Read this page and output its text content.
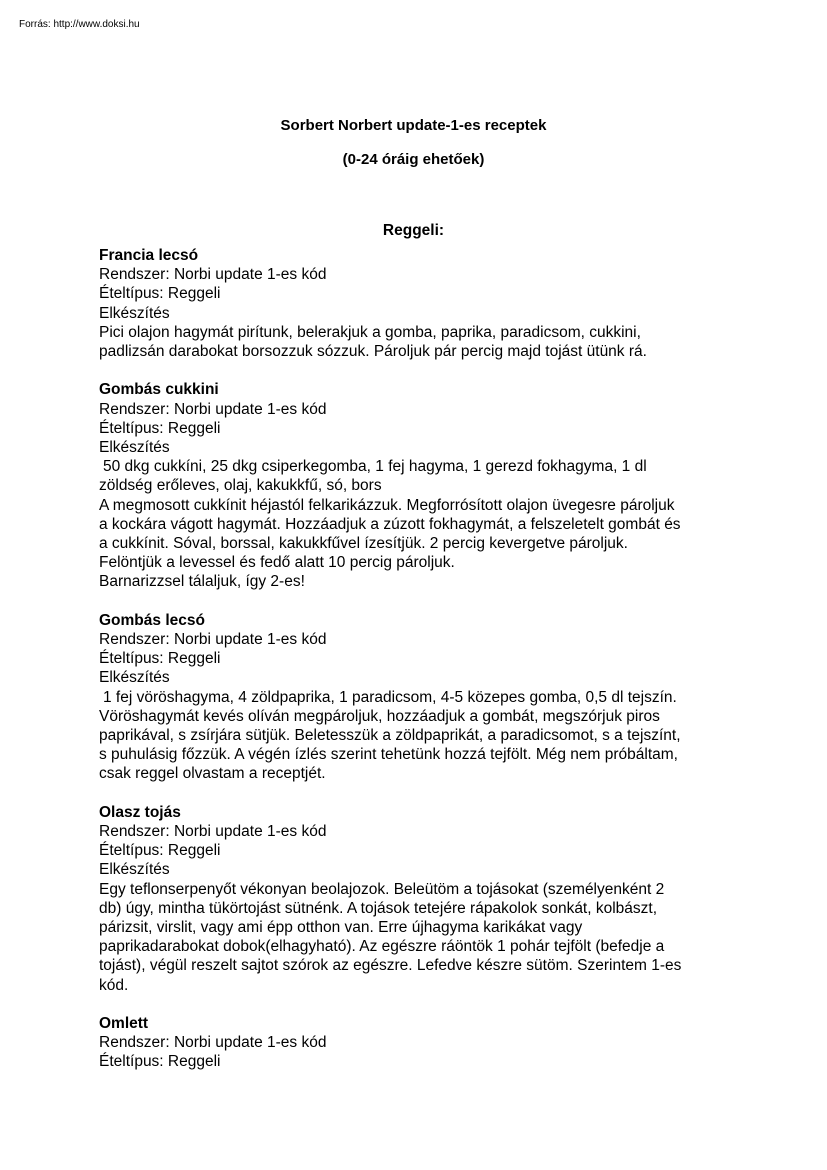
Forrás: http://www.doksi.hu
Sorbert Norbert update-1-es receptek
(0-24 óráig ehetőek)
Reggeli:
Francia lecsó
Rendszer: Norbi update 1-es kód
Ételtípus: Reggeli
Elkészítés
Pici olajon hagymát pirítunk, belerakjuk a gomba, paprika, paradicsom, cukkini,
padlizsán darabokat borsozzuk sózzuk. Pároljuk pár percig majd tojást ütünk rá.
Gombás cukkini
Rendszer: Norbi update 1-es kód
Ételtípus: Reggeli
Elkészítés
50 dkg cukkíni, 25 dkg csiperkegomba, 1 fej hagyma, 1 gerezd fokhagyma, 1 dl
zöldség erőleves, olaj, kakukkfű, só, bors
A megmosott cukkínit héjastól felkarikázzuk. Megforrósított olajon üvegesre pároljuk
a kockára vágott hagymát. Hozzáadjuk a zúzott fokhagymát, a felszeletelt gombát és
a cukkínit. Sóval, borssal, kakukkfűvel ízesítjük. 2 percig kevergetve pároljuk.
Felöntjük a levessel és fedő alatt 10 percig pároljuk.
Barnarizzsel tálaljuk, így 2-es!
Gombás lecsó
Rendszer: Norbi update 1-es kód
Ételtípus: Reggeli
Elkészítés
1 fej vöröshagyma, 4 zöldpaprika, 1 paradicsom, 4-5 közepes gomba, 0,5 dl tejszín.
Vöröshagymát kevés olíván megpároljuk, hozzáadjuk a gombát, megszórjuk piros
paprikával, s zsírjára sütjük. Beletesszük a zöldpaprikát, a paradicsomot, s a tejszínt,
s puhulásig főzzük. A végén ízlés szerint tehetünk hozzá tejfölt. Még nem próbáltam,
csak reggel olvastam a receptjét.
Olasz tojás
Rendszer: Norbi update 1-es kód
Ételtípus: Reggeli
Elkészítés
Egy teflonserpenyőt vékonyan beolajozok. Beleütöm a tojásokat (személyenként 2
db) úgy, mintha tükörtojást sütnénk. A tojások tetejére rápakolok sonkát, kolbászt,
párizsit, virslit, vagy ami épp otthon van. Erre újhagyma karikákat vagy
paprikadarabokat dobok(elhagyható). Az egészre ráöntök 1 pohár tejfölt (befedje a
tojást), végül reszelt sajtot szórok az egészre. Lefedve készre sütöm. Szerintem 1-es
kód.
Omlett
Rendszer: Norbi update 1-es kód
Ételtípus: Reggeli
